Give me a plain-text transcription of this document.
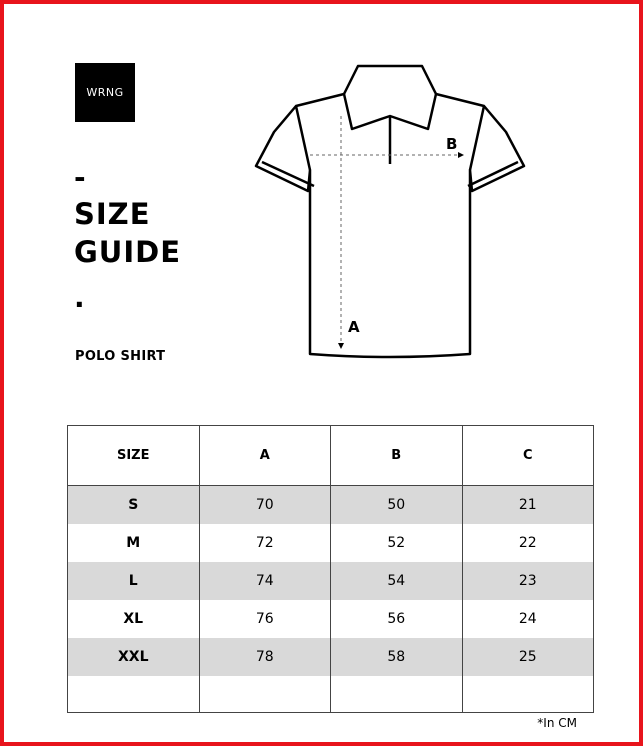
WRNG
-
SIZE
GUIDE
.
POLO SHIRT
A
B
SIZE	A	B	C
S	70	50	21
M	72	52	22
L	74	54	23
XL	76	56	24
XXL	78	58	25

*In CM
